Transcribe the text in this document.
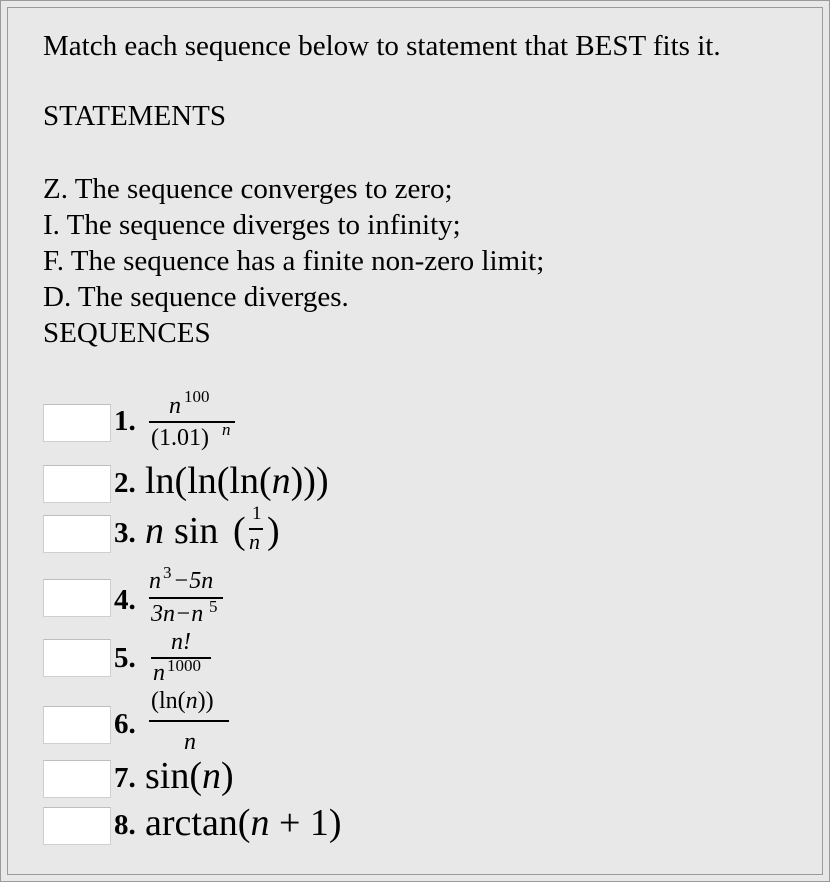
Match each sequence below to statement that BEST fits it.
STATEMENTS
Z. The sequence converges to zero;
I. The sequence diverges to infinity;
F. The sequence has a finite non-zero limit;
D. The sequence diverges.
SEQUENCES
1. n 100
(1.01) n
2. ln(ln(ln(n)))
3. n sin ( 1
n )
4.
n 3 −5n
3n−n 5
5. n!
n 1000
6.
(ln(n))
n
7. sin(n)
8. arctan(n + 1)
